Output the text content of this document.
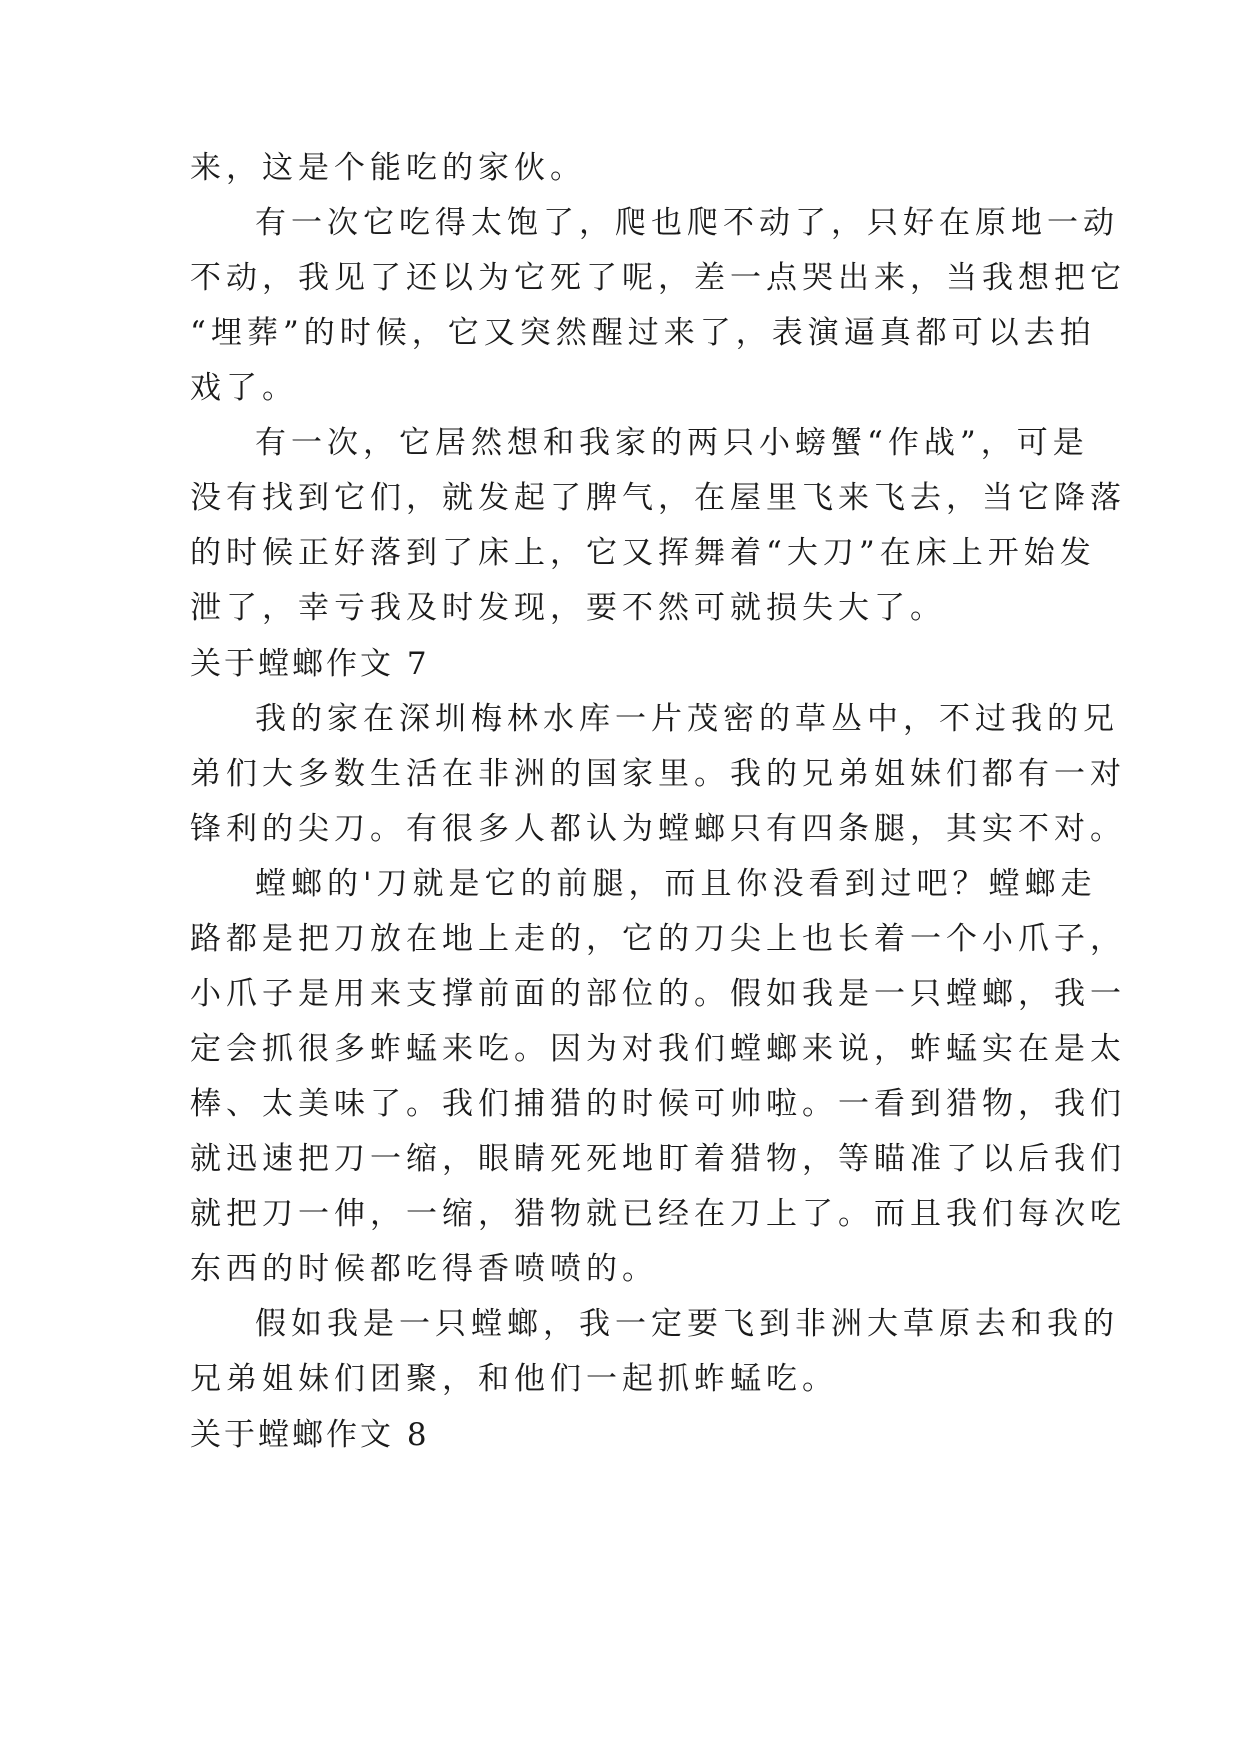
来，这是个能吃的家伙。
有一次它吃得太饱了，爬也爬不动了，只好在原地一动
不动，我见了还以为它死了呢，差一点哭出来，当我想把它
“埋葬”的时候，它又突然醒过来了，表演逼真都可以去拍
戏了。
有一次，它居然想和我家的两只小螃蟹“作战”，可是
没有找到它们，就发起了脾气，在屋里飞来飞去，当它降落
的时候正好落到了床上，它又挥舞着“大刀”在床上开始发
泄了，幸亏我及时发现，要不然可就损失大了。
关于螳螂作文 7
我的家在深圳梅林水库一片茂密的草丛中，不过我的兄
弟们大多数生活在非洲的国家里。我的兄弟姐妹们都有一对
锋利的尖刀。有很多人都认为螳螂只有四条腿，其实不对。
螳螂的'刀就是它的前腿，而且你没看到过吧？螳螂走
路都是把刀放在地上走的，它的刀尖上也长着一个小爪子，
小爪子是用来支撑前面的部位的。假如我是一只螳螂，我一
定会抓很多蚱蜢来吃。因为对我们螳螂来说，蚱蜢实在是太
棒、太美味了。我们捕猎的时候可帅啦。一看到猎物，我们
就迅速把刀一缩，眼睛死死地盯着猎物，等瞄准了以后我们
就把刀一伸，一缩，猎物就已经在刀上了。而且我们每次吃
东西的时候都吃得香喷喷的。
假如我是一只螳螂，我一定要飞到非洲大草原去和我的
兄弟姐妹们团聚，和他们一起抓蚱蜢吃。
关于螳螂作文 8
